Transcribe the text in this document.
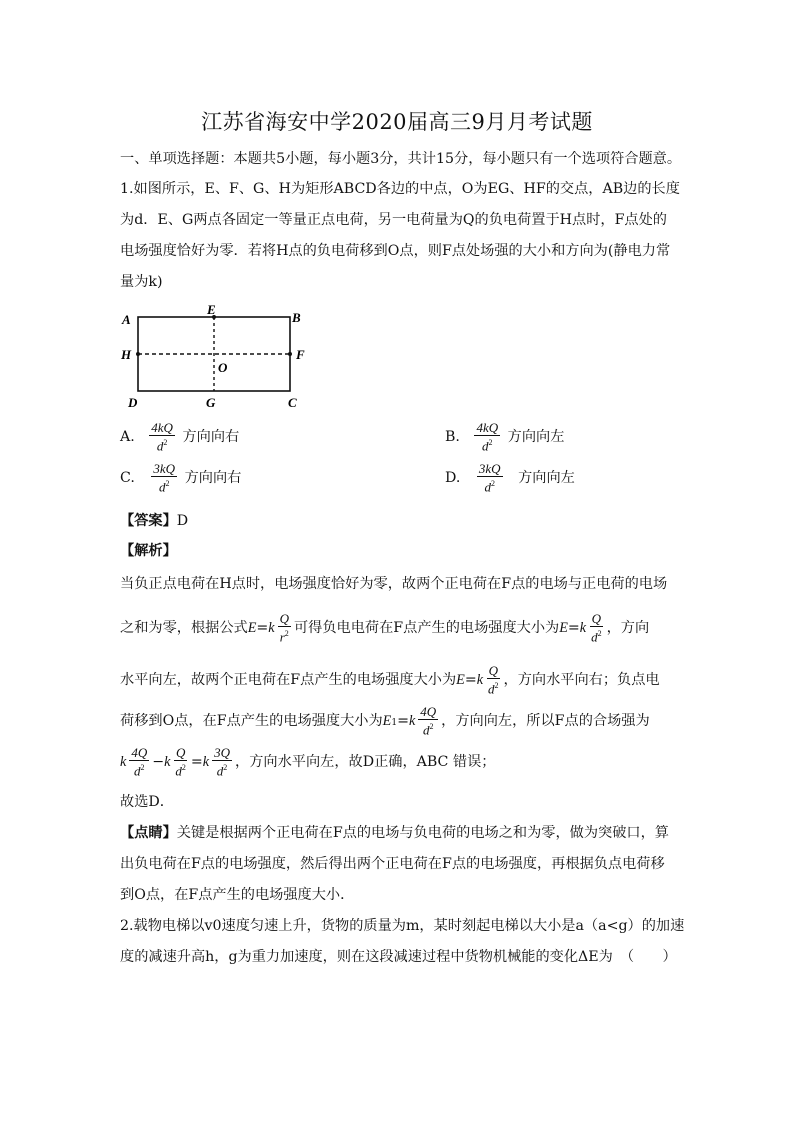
江苏省海安中学2020届高三9月月考试题
一、单项选择题：本题共5小题，每小题3分，共计15分，每小题只有一个选项符合题意。
1.如图所示，E、F、G、H为矩形ABCD各边的中点，O为EG、HF的交点，AB边的长度
为d．E、G两点各固定一等量正点电荷，另一电荷量为Q的负电荷置于H点时，F点处的
电场强度恰好为零．若将H点的负电荷移到O点，则F点处场强的大小和方向为(静电力常
量为k)
A	B
C
D
E
F
G
H
O
A. $\frac{4kQ}{d^2}$ 方向向右	B. $\frac{4kQ}{d^2}$ 方向向左
C. $\frac{3kQ}{d^2}$ 方向向右	D. $\frac{3kQ}{d^2}$ 方向向左
【答案】D
【解析】
当负正点电荷在H点时，电场强度恰好为零，故两个正电荷在F点的电场与正电荷的电场
之和为零，根据公式$E=k \frac{Q}{r^2}$ 可得负电电荷在F点产生的电场强度大小为$E=k \frac{Q}{d^2}$ ，方向
水平向左，故两个正电荷在F点产生的电场强度大小为$E=k \frac{Q}{d^2}$ ，方向水平向右；负点电
荷移到O点，在F点产生的电场强度大小为$E1=k \frac{4Q}{d^2}$ ，方向向左，所以F点的合场强为
k $\frac{4Q}{d^2} -k \frac{Q}{d^2} =k \frac{3Q}{d^2}$ ，方向水平向左，故D正确，ABC 错误；
故选D．
【点睛】关键是根据两个正电荷在F点的电场与负电荷的电场之和为零，做为突破口，算
出负电荷在F点的电场强度，然后得出两个正电荷在F点的电场强度，再根据负点电荷移
到O点，在F点产生的电场强度大小．
2.载物电梯以v0速度匀速上升，货物的质量为m，某时刻起电梯以大小是a（a<g）的加速
度的减速升高h，g为重力加速度，则在这段减速过程中货物机械能的变化ΔE为　（　　）
